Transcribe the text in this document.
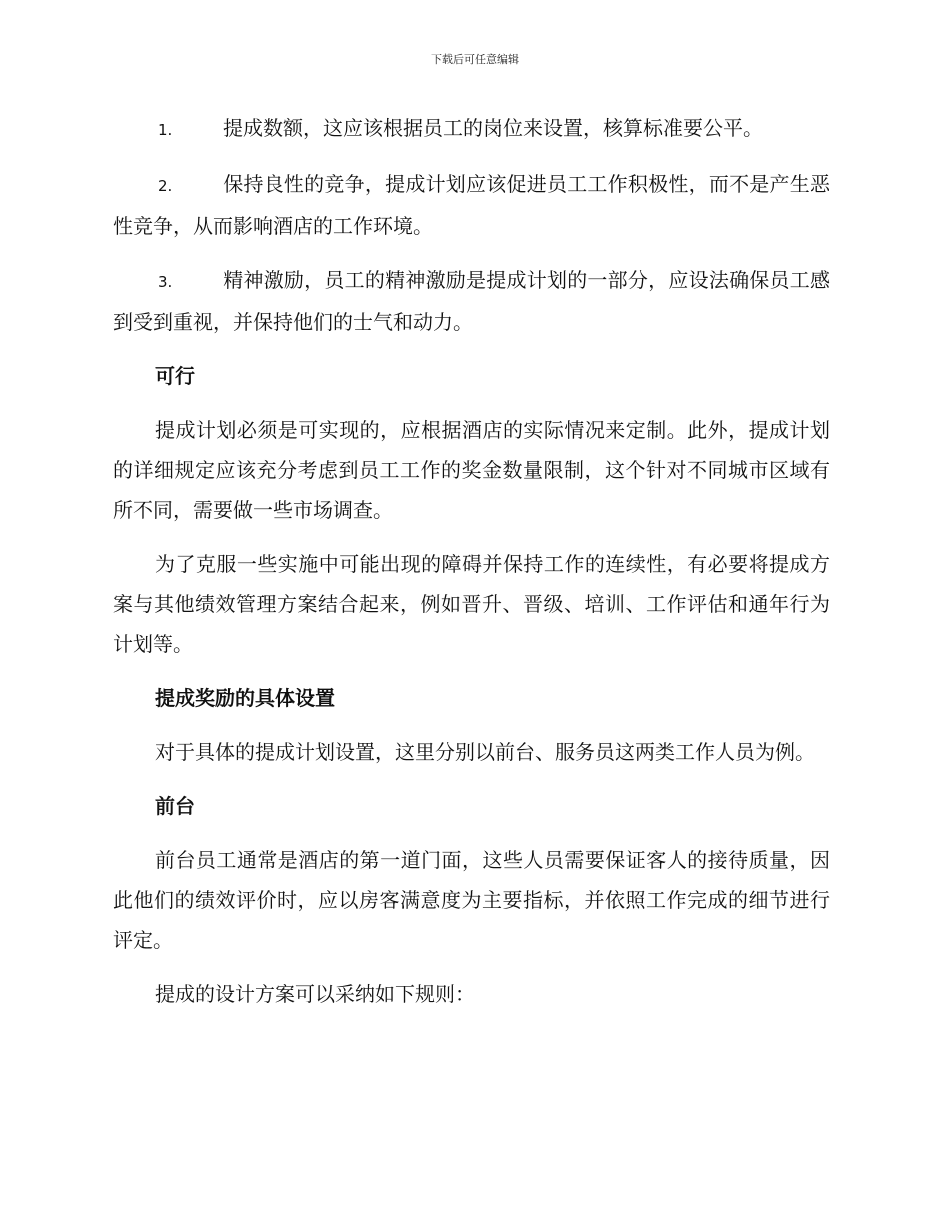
下载后可任意编辑
1.	提成数额，这应该根据员工的岗位来设置，核算标准要公平。
2.	保持良性的竞争，提成计划应该促进员工工作积极性，而不是产生恶性竞争，从而影响酒店的工作环境。
3.	精神激励，员工的精神激励是提成计划的一部分，应设法确保员工感到受到重视，并保持他们的士气和动力。
可行
提成计划必须是可实现的，应根据酒店的实际情况来定制。此外，提成计划的详细规定应该充分考虑到员工工作的奖金数量限制，这个针对不同城市区域有所不同，需要做一些市场调查。
为了克服一些实施中可能出现的障碍并保持工作的连续性，有必要将提成方案与其他绩效管理方案结合起来，例如晋升、晋级、培训、工作评估和通年行为计划等。
提成奖励的具体设置
对于具体的提成计划设置，这里分别以前台、服务员这两类工作人员为例。
前台
前台员工通常是酒店的第一道门面，这些人员需要保证客人的接待质量，因此他们的绩效评价时，应以房客满意度为主要指标，并依照工作完成的细节进行评定。
提成的设计方案可以采纳如下规则：
